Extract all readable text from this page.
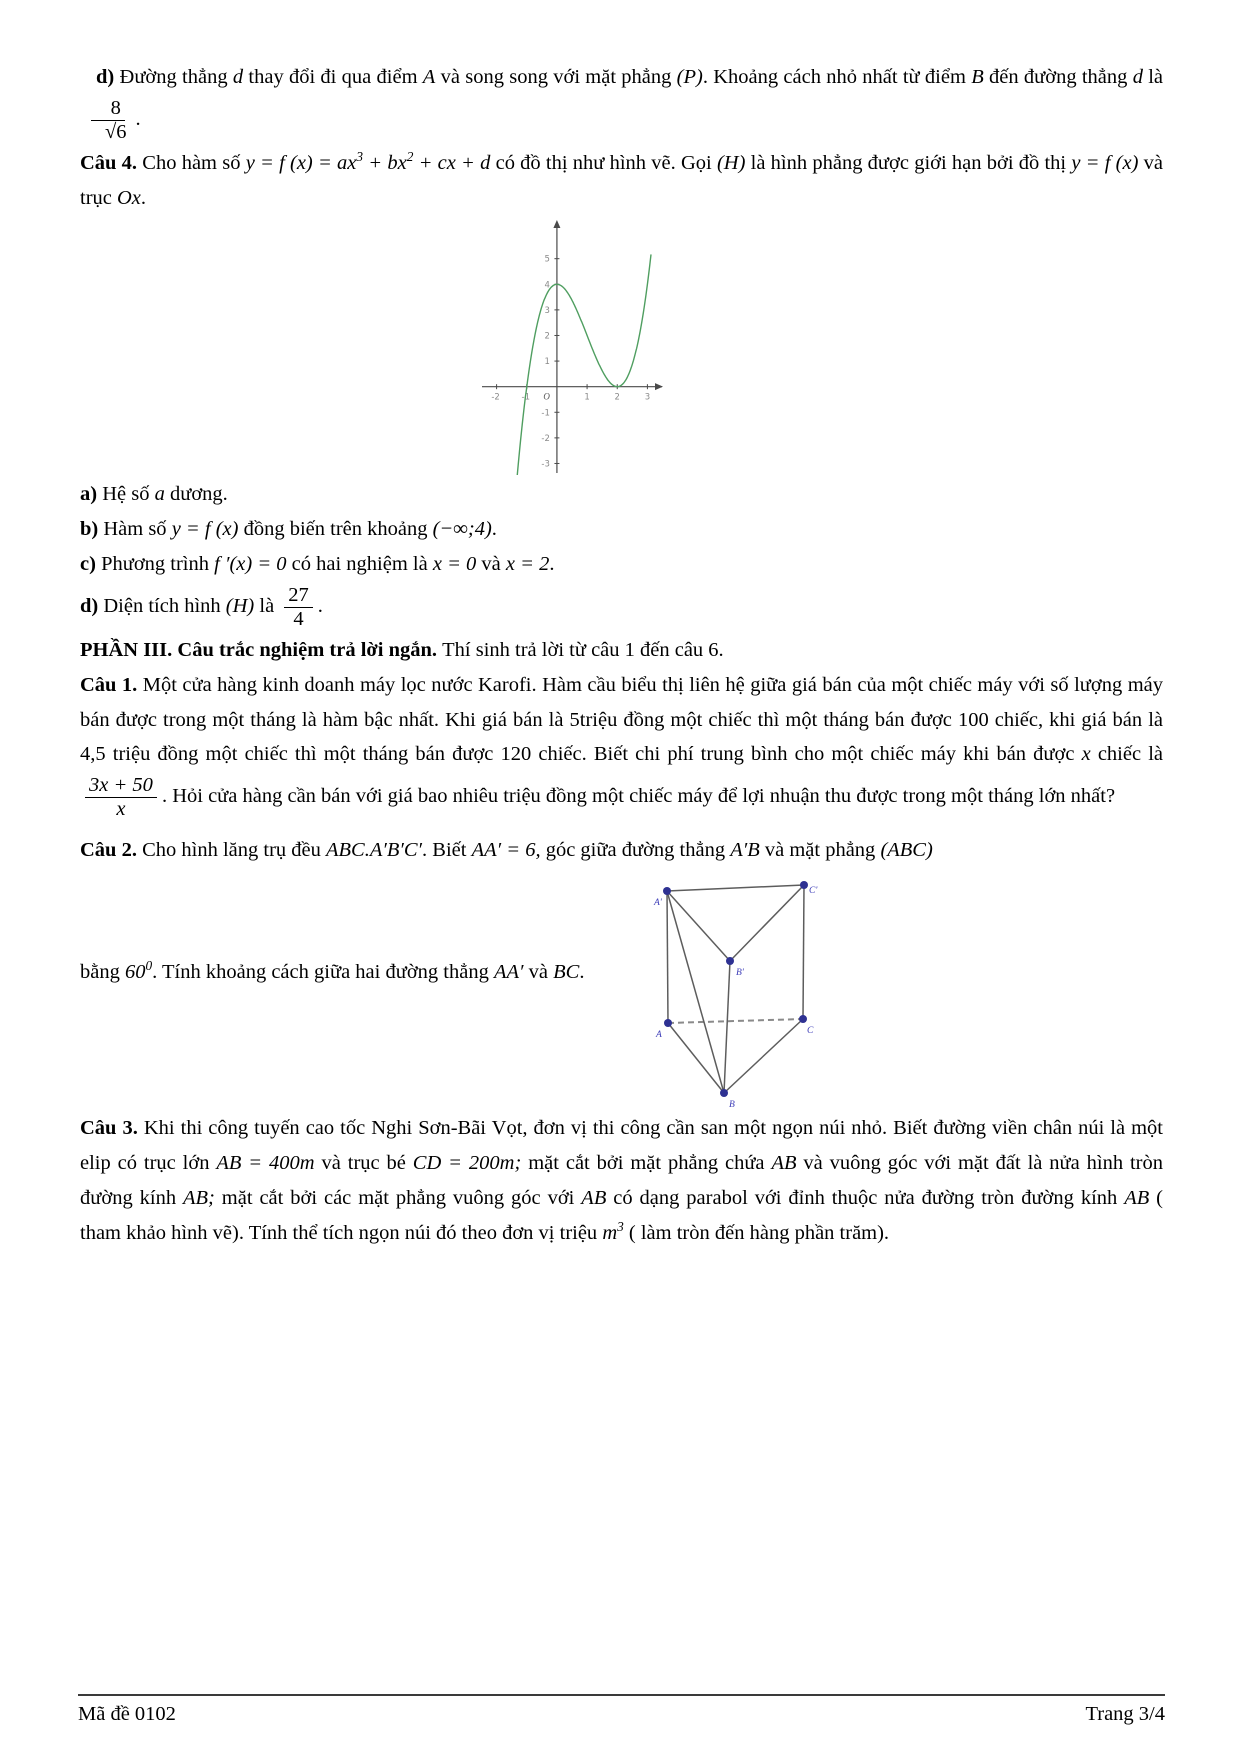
d) Đường thẳng d thay đổi đi qua điểm A và song song với mặt phẳng (P). Khoảng cách nhỏ nhất từ điểm B đến đường thẳng d là
$\frac{8}{√6}$ .

Câu 4. Cho hàm số y = f $(x) = ax^3 + bx^2$ + cx + d có đồ thị như hình vẽ. Gọi (H) là hình phẳng được giới hạn bởi đồ thị y = f (x) và trục Ox.

-2	-1	1	2	3
-3
-2
-1
1
2
3
4
5
O

a) Hệ số a dương.

b) Hàm số y = f (x) đồng biến trên khoảng (−∞;4).

c) Phương trình f ′(x) = 0 có hai nghiệm là x = 0 và x = 2.

d) Diện tích hình (H) là $\frac{27}{4}$ .

PHẦN III. Câu trắc nghiệm trả lời ngắn. Thí sinh trả lời từ câu 1 đến câu 6.

Câu 1. Một cửa hàng kinh doanh máy lọc nước Karofi. Hàm cầu biểu thị liên hệ giữa giá bán của một chiếc máy với số lượng máy bán được trong một tháng là hàm bậc nhất. Khi giá bán là 5triệu đồng một chiếc thì một tháng bán được 100 chiếc, khi giá bán là 4,5 triệu đồng một chiếc thì một tháng bán được 120 chiếc. Biết chi phí trung bình cho một chiếc máy khi bán được x chiếc là
$\frac{3x + 50}{x}$ . Hỏi cửa hàng cần bán với giá bao nhiêu triệu đồng một chiếc máy để lợi nhuận thu được trong một tháng lớn nhất?

Câu 2. Cho hình lăng trụ đều ABC.A′B′C′. Biết AA′ = 6, góc giữa đường thẳng A′B và mặt phẳng (ABC)

A'
C'
B'
A	C
B

bằng $60^0$. Tính khoảng cách giữa hai đường thẳng AA′ và BC.

Câu 3. Khi thi công tuyến cao tốc Nghi Sơn-Bãi Vọt, đơn vị thi công cần san một ngọn núi nhỏ. Biết đường viền chân núi là một elip có trục lớn AB = 400m và trục bé CD = 200m; mặt cắt bởi mặt phẳng chứa AB và vuông góc với mặt đất là nửa hình tròn đường kính AB; mặt cắt bởi các mặt phẳng vuông góc với AB có dạng parabol với đỉnh thuộc nửa đường tròn đường kính AB ( tham khảo hình vẽ). Tính thể tích ngọn núi đó theo đơn vị triệu $m^3$ ( làm tròn đến hàng phần trăm).

Mã đề 0102	Trang 3/4
